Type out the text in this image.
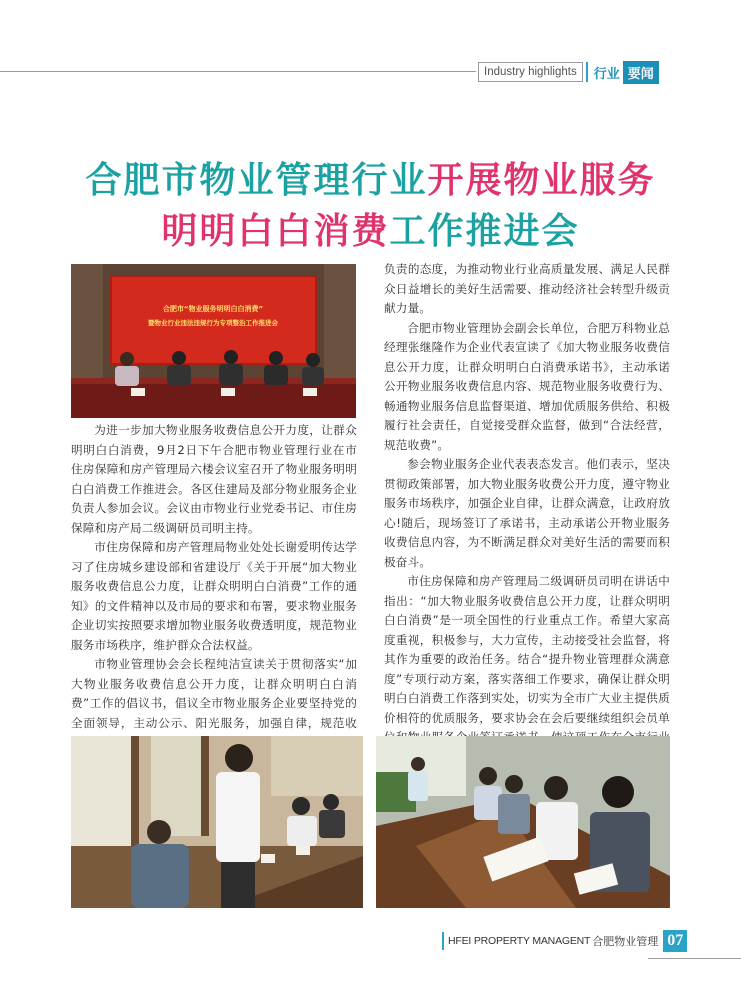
Industry highlights	行业 要闻
合肥市物业管理行业开展物业服务
明明白白消费工作推进会
合肥市“物业服务明明白白消费”
暨物业行业违法违规行为专项整治工作推进会

为进一步加大物业服务收费信息公开力度，让群众明明白白消费，9月2日下午合肥市物业管理行业在市住房保障和房产管理局六楼会议室召开了物业服务明明白白消费工作推进会。各区住建局及部分物业服务企业负责人参加会议。会议由市物业行业党委书记、市住房保障和房产局二级调研员司明主持。

市住房保障和房产管理局物业处处长谢爱明传达学习了住房城乡建设部和省建设厅《关于开展“加大物业服务收费信息公力度，让群众明明白白消费”工作的通知》的文件精神以及市局的要求和布署，要求物业服务企业切实按照要求增加物业服务收费透明度，规范物业服务市场秩序，维护群众合法权益。

市物业管理协会会长程纯洁宣读关于贯彻落实“加大物业服务收费信息公开力度，让群众明明白白消费”工作的倡议书，倡议全市物业服务企业要坚持党的全面领导，主动公示、阳光服务，加强自律，规范收

负责的态度，为推动物业行业高质量发展、满足人民群众日益增长的美好生活需要、推动经济社会转型升级贡献力量。

合肥市物业管理协会副会长单位，合肥万科物业总经理张继隆作为企业代表宣读了《加大物业服务收费信息公开力度，让群众明明白白消费承诺书》，主动承诺公开物业服务收费信息内容、规范物业服务收费行为、畅通物业服务信息监督渠道、增加优质服务供给、积极履行社会责任，自觉接受群众监督，做到“合法经营，规范收费”。

参会物业服务企业代表表态发言。他们表示，坚决贯彻政策部署，加大物业服务收费公开力度，遵守物业服务市场秩序，加强企业自律，让群众满意，让政府放心!随后，现场签订了承诺书，主动承诺公开物业服务收费信息内容，为不断满足群众对美好生活的需要而积极奋斗。

市住房保障和房产管理局二级调研员司明在讲话中指出：“加大物业服务收费信息公开力度，让群众明明白白消费”是一项全国性的行业重点工作。希望大家高度重视，积极参与，大力宣传，主动接受社会监督，将其作为重要的政治任务。结合“提升物业管理群众满意度”专项行动方案，落实落细工作要求，确保让群众明明白白消费工作落到实处，切实为全市广大业主提供质价相符的优质服务，要求协会在会后要继续组织会员单

HFEI PROPERTY MANAGENT 合肥物业管理 07
